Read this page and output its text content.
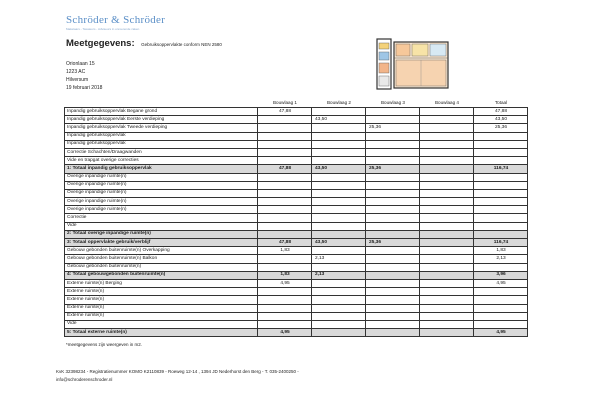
Schröder & Schröder
Makelaars - Taxateurs - Adviseurs in onroerende zaken
Meetgegevens: Gebruiksoppervlakte conform NEN 2580
Orionlaan 15
1223 AC
Hilversum
19 februari 2018
	Bouwlaag 1	Bouwlaag 2	Bouwlaag 3	Bouwlaag 4	Totaal
Inpandig gebruiksoppervlak Begane grond	47,88				47,88
Inpandig gebruiksoppervlak Eerste verdieping		43,50			43,50
Inpandig gebruiksoppervlak Tweede verdieping			25,36		25,36
Inpandig gebruiksoppervlak					
Inpandig gebruiksoppervlak					
Correctie Schachten/Draagwanden					
Vide en trapgat overige correcties					
1: Totaal inpandig gebruiksoppervlak	47,88	43,50	25,36		116,74
Overige inpandige ruimte(n)					
Overige inpandige ruimte(n)					
Overige inpandige ruimte(n)					
Overige inpandige ruimte(n)					
Overige inpandige ruimte(n)					
Correctie					
Vide					
2: Totaal overige inpandige ruimte(n)					
3: Totaal oppervlakte gebruik/verblijf	47,88	43,50	25,36		116,74
Gebouw gebonden buitenruimte(n) Overkapping	1,83				1,83
Gebouw gebonden buitenruimte(n) Balkon		2,13			2,13
Gebouw gebonden buitenruimte(n)					
4: Totaal gebouwgebonden buitenruimte(n)	1,83	2,13			3,96
Externe ruimte(n) Berging	4,95				4,95
Externe ruimte(n)					
Externe ruimte(n)					
Externe ruimte(n)					
Externe ruimte(n)					
Vide					
5: Totaal externe ruimte(n)	4,95				4,95
*meetgegevens zijn weergeven in m2.
KvK 32398234 - Registratienummer KOMO K2110839 - Roeweg 12-14 , 1394 JD Nederhorst den Berg - T. 035-2400250 -
info@schroderenschroder.nl
